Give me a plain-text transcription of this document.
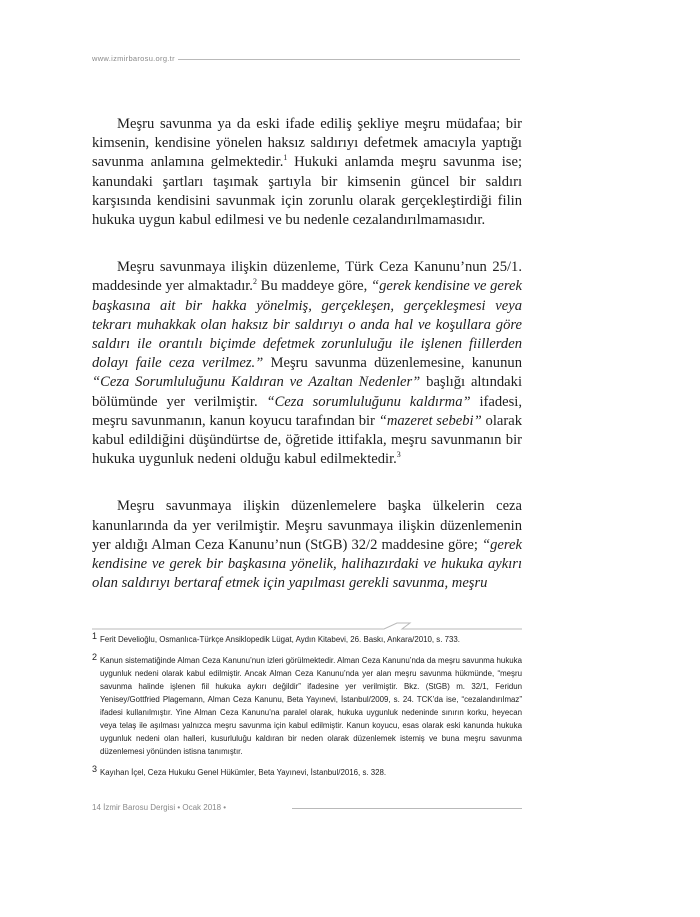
www.izmirbarosu.org.tr

Meşru savunma ya da eski ifade ediliş şekliye meşru müdafaa; bir kimsenin, kendisine yönelen haksız saldırıyı defetmek amacıyla yaptığı savunma anlamına gelmektedir.$^1$ Hukuki anlamda meşru savunma ise; kanundaki şartları taşımak şartıyla bir kimsenin güncel bir saldırı karşısında kendisini savunmak için zorunlu olarak gerçekleştirdiği filin hukuka uygun kabul edilmesi ve bu nedenle cezalandırılmamasıdır.

Meşru savunmaya ilişkin düzenleme, Türk Ceza Kanunu’nun 25/1. maddesinde yer almaktadır.$^2$ Bu maddeye göre, “gerek kendisine ve gerek başkasına ait bir hakka yönelmiş, gerçekleşen, gerçekleşmesi veya tekrarı muhakkak olan haksız bir saldırıyı o anda hal ve koşullara göre saldırı ile orantılı biçimde defetmek zorunluluğu ile işlenen fiillerden dolayı faile ceza verilmez.” Meşru savunma düzenlemesine, kanunun “Ceza Sorumluluğunu Kaldıran ve Azaltan Nedenler” başlığı altındaki bölümünde yer verilmiştir. “Ceza sorumluluğunu kaldırma” ifadesi, meşru savunmanın, kanun koyucu tarafından bir “mazeret sebebi” olarak kabul edildiğini düşündürtse de, öğretide ittifakla, meşru savunmanın bir hukuka uygunluk nedeni olduğu kabul edilmektedir.$^3$

Meşru savunmaya ilişkin düzenlemelere başka ülkelerin ceza kanunlarında da yer verilmiştir. Meşru savunmaya ilişkin düzenlemenin yer aldığı Alman Ceza Kanunu’nun (StGB) 32/2 maddesine göre; “gerek kendisine ve gerek bir başkasına yönelik, halihazırdaki ve hukuka aykırı olan saldırıyı bertaraf etmek için yapılması gerekli savunma, meşru

1 Ferit Develioğlu, Osmanlıca-Türkçe Ansiklopedik Lügat, Aydın Kitabevi, 26. Baskı, Ankara/2010, s. 733.
2 Kanun sistematiğinde Alman Ceza Kanunu’nun izleri görülmektedir. Alman Ceza Kanunu’nda da meşru savunma hukuka uygunluk nedeni olarak kabul edilmiştir. Ancak Alman Ceza Kanunu’nda yer alan meşru savunma hükmünde, “meşru savunma halinde işlenen fiil hukuka aykırı değildir” ifadesine yer verilmiştir. Bkz. (StGB) m. 32/1, Feridun Yenisey/Gottfried Plagemann, Alman Ceza Kanunu, Beta Yayınevi, İstanbul/2009, s. 24. TCK’da ise, “cezalandırılmaz” ifadesi kullanılmıştır. Yine Alman Ceza Kanunu’na paralel olarak, hukuka uygunluk nedeninde sınırın korku, heyecan veya telaş ile aşılması yalnızca meşru savunma için kabul edilmiştir. Kanun koyucu, esas olarak eski kanunda hukuka uygunluk nedeni olan halleri, kusurluluğu kaldıran bir neden olarak düzenlemek istemiş ve buna meşru savunma düzenlemesi yönünden istisna tanımıştır.
3 Kayıhan İçel, Ceza Hukuku Genel Hükümler, Beta Yayınevi, İstanbul/2016, s. 328.
14 İzmir Barosu Dergisi • Ocak 2018 •
